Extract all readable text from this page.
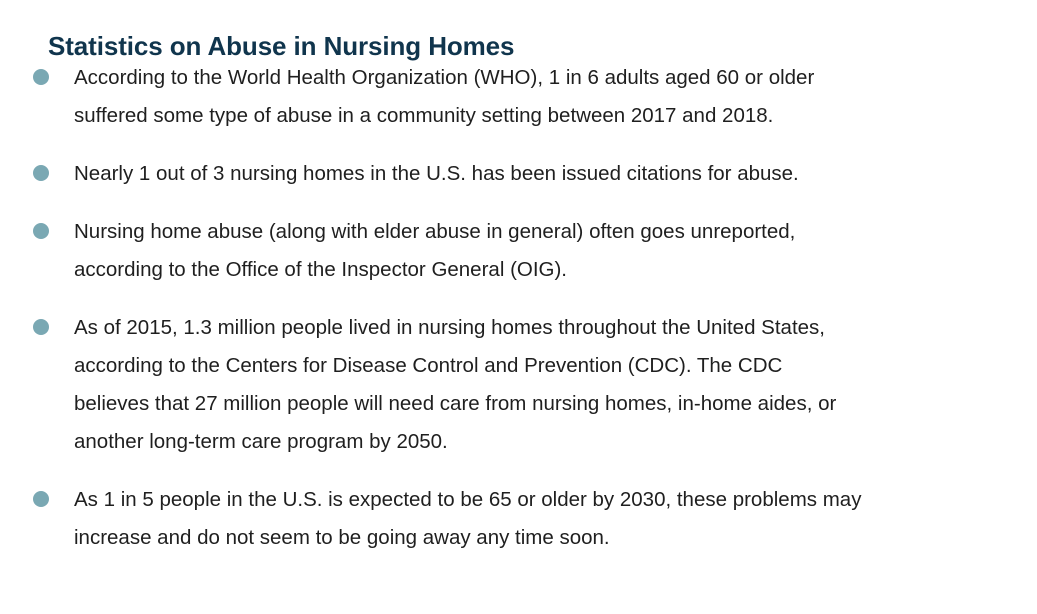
Statistics on Abuse in Nursing Homes
According to the World Health Organization (WHO), 1 in 6 adults aged 60 or older suffered some type of abuse in a community setting between 2017 and 2018.
Nearly 1 out of 3 nursing homes in the U.S. has been issued citations for abuse.
Nursing home abuse (along with elder abuse in general) often goes unreported, according to the Office of the Inspector General (OIG).
As of 2015, 1.3 million people lived in nursing homes throughout the United States, according to the Centers for Disease Control and Prevention (CDC). The CDC believes that 27 million people will need care from nursing homes, in-home aides, or another long-term care program by 2050.
As 1 in 5 people in the U.S. is expected to be 65 or older by 2030, these problems may increase and do not seem to be going away any time soon.
